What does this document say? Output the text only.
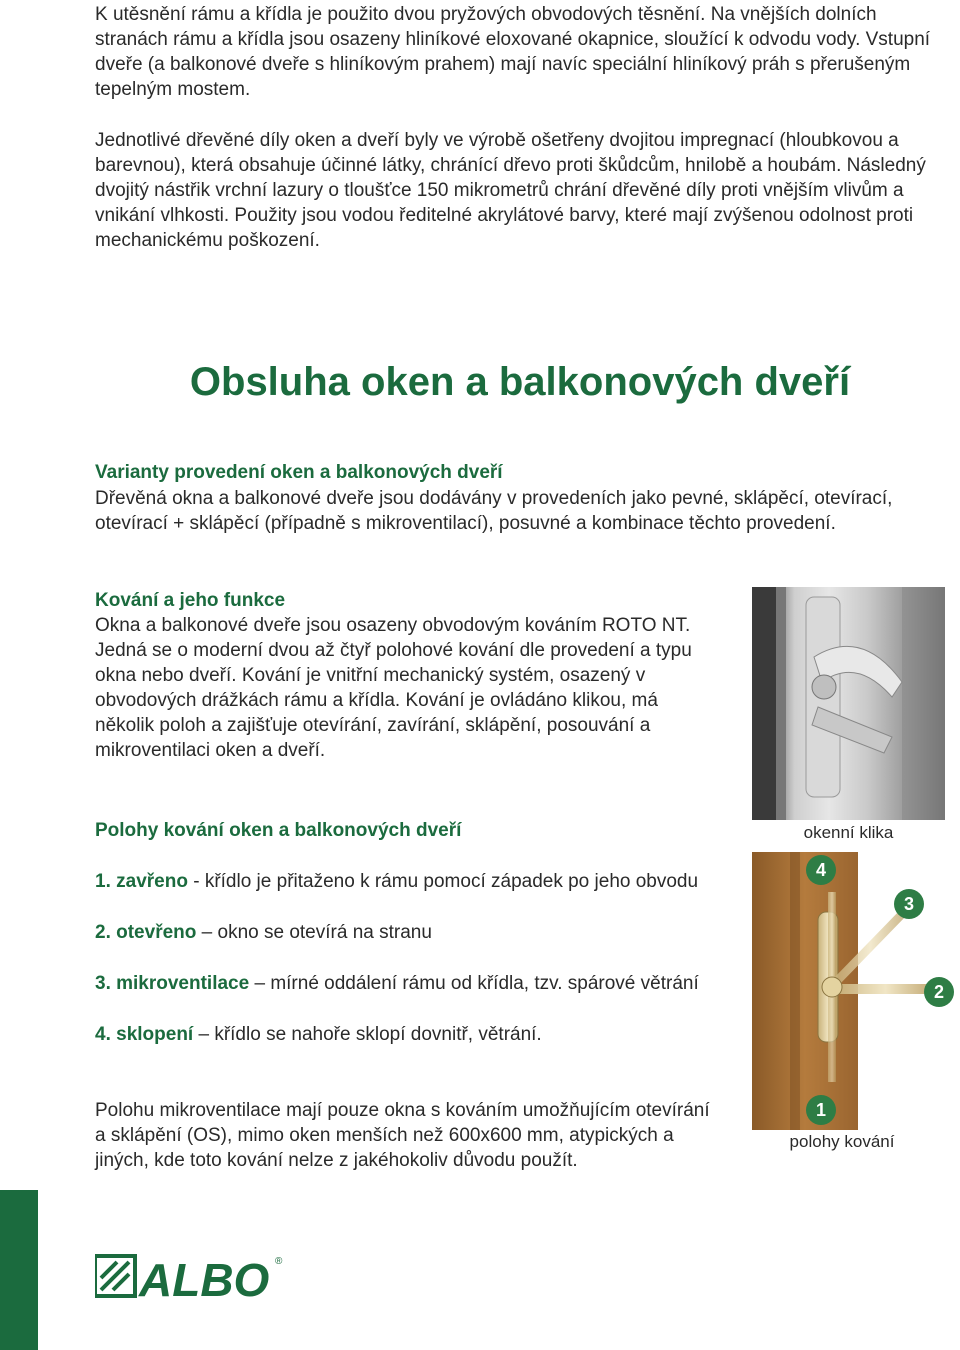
K utěsnění rámu a křídla je použito dvou pryžových obvodových těsnění. Na vnějších dolních stranách rámu a křídla jsou osazeny hliníkové eloxované okapnice, sloužící k odvodu vody. Vstupní dveře (a balkonové dveře s hliníkovým prahem) mají navíc speciální hliníkový práh s přerušeným tepelným mostem.

Jednotlivé dřevěné díly oken a dveří byly ve výrobě ošetřeny dvojitou impregnací (hloubkovou a barevnou), která obsahuje účinné látky, chránící dřevo proti škůdcům, hnilobě a houbám. Následný dvojitý nástřik vrchní lazury o tloušťce 150 mikrometrů chrání dřevěné díly proti vnějším vlivům a vnikání vlhkosti. Použity jsou vodou ředitelné akrylátové barvy, které mají zvýšenou odolnost proti mechanickému poškození.

Obsluha oken a balkonových dveří
Varianty provedení oken a balkonových dveří

Dřevěná okna a balkonové dveře jsou dodávány v provedeních jako pevné, sklápěcí, otevírací, otevírací + sklápěcí (případně s mikroventilací), posuvné a kombinace těchto provedení.

Kování a jeho funkce

Okna a balkonové dveře jsou osazeny obvodovým kováním ROTO NT. Jedná se o moderní dvou až čtyř polohové kování dle provedení a typu okna nebo dveří. Kování je vnitřní mechanický systém, osazený v obvodových drážkách rámu a křídla. Kování je ovládáno klikou, má několik poloh a zajišťuje otevírání, zavírání, sklápění, posouvání a mikroventilaci oken a dveří.

Polohy kování oken a balkonových dveří

1. zavřeno - křídlo je přitaženo k rámu pomocí západek po jeho obvodu

2. otevřeno – okno se otevírá na stranu

3. mikroventilace – mírné oddálení rámu od křídla, tzv. spárové větrání

4. sklopení – křídlo se nahoře sklopí dovnitř, větrání.

Polohu mikroventilace mají pouze okna s kováním umožňujícím otevírání a sklápění (OS), mimo oken menších než 600x600 mm, atypických a jiných, kde toto kování nelze z jakéhokoliv důvodu použít.

okenní klika

4
3
2
1

polohy kování

ALBO ®
